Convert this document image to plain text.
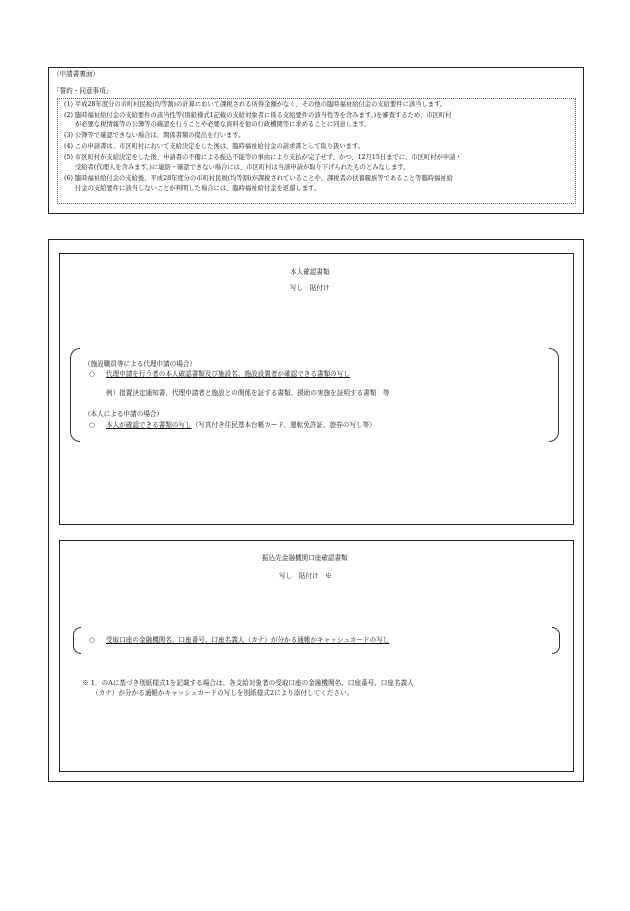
（申請書裏面）
「誓約・同意事項」
(1) 平成28年度分の市町村民税(均等割)の計算において課税される所得金額がなく、その他の臨時福祉給付金の支給要件に該当します。
(2) 臨時福祉給付金の支給要件の該当性等(別紙様式1記載の支給対象者に係る支給要件の該当性等を含みます。)を審査するため、市区町村
が必要な税情報等の公簿等の確認を行うことや必要な資料を他の行政機関等に求めることに同意します。
(3) 公簿等で確認できない場合は、関係書類の提出を行います。
(4) この申請書は、市区町村において支給決定をした後は、臨時福祉給付金の請求書として取り扱います。
(5) 市区町村が支給決定をした後、申請書の不備による振込不能等の事由により支払が完了せず、かつ、12月15日までに、市区町村が申請・
受給者(代理人を含みます。)に連絡・確認できない場合には、市区町村は当該申請が取り下げられたものとみなします。
(6) 臨時福祉給付金の支給後、平成28年度分の市町村民税(均等割)が課税されていることや、課税者の扶養親族等であること等臨時福祉給
付金の支給要件に該当しないことが判明した場合には、臨時福祉給付金を返還します。
本人確認書類
写し　貼付け
（施設職員等による代理申請の場合）
○ 代理申請を行う者の本人確認書類及び施設名、施設設置者が確認できる書類の写し
例）措置決定通知書、代理申請者と施設との関係を証する書類、援助の実施を証明する書類　等
（本人による申請の場合）
○ 本人が確認できる書類の写し（写真付き住民基本台帳カード、運転免許証、旅券の写し等）
振込先金融機関口座確認書類
写し　貼付け　※
○ 受取口座の金融機関名、口座番号、口座名義人（カナ）が分かる通帳かキャッシュカードの写し
※ 1．のAに基づき別紙様式1を記載する場合は、各支給対象者の受取口座の金融機関名、口座番号、口座名義人
（カナ）が分かる通帳かキャッシュカードの写しを別紙様式2により添付してください。
